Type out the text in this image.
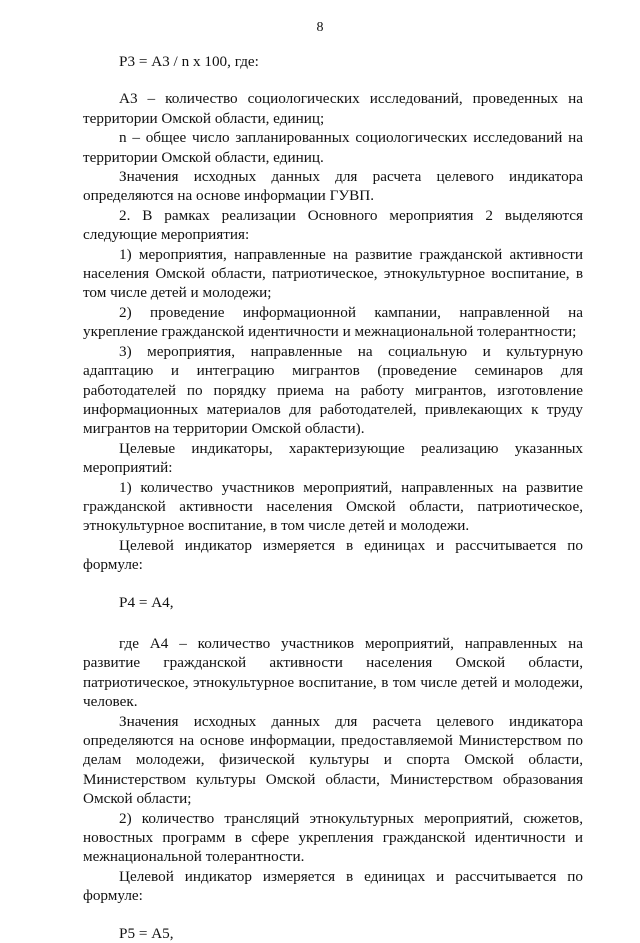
8

Р3 = А3 / n х 100, где:

А3 – количество социологических исследований, проведенных на территории Омской области, единиц;

n – общее число запланированных социологических исследований на территории Омской области, единиц.

Значения исходных данных для расчета целевого индикатора определяются на основе информации ГУВП.

2. В рамках реализации Основного мероприятия 2 выделяются следующие мероприятия:

1) мероприятия, направленные на развитие гражданской активности населения Омской области, патриотическое, этнокультурное воспитание, в том числе детей и молодежи;

2) проведение информационной кампании, направленной на укрепление гражданской идентичности и межнациональной толерантности;

3) мероприятия, направленные на социальную и культурную адаптацию и интеграцию мигрантов (проведение семинаров для работодателей по порядку приема на работу мигрантов, изготовление информационных материалов для работодателей, привлекающих к труду мигрантов на территории Омской области).

Целевые индикаторы, характеризующие реализацию указанных мероприятий:

1) количество участников мероприятий, направленных на развитие гражданской активности населения Омской области, патриотическое, этнокультурное воспитание, в том числе детей и молодежи.

Целевой индикатор измеряется в единицах и рассчитывается по формуле:

Р4 = А4,

где А4 – количество участников мероприятий, направленных на развитие гражданской активности населения Омской области, патриотическое, этнокультурное воспитание, в том числе детей и молодежи, человек.

Значения исходных данных для расчета целевого индикатора определяются на основе информации, предоставляемой Министерством по делам молодежи, физической культуры и спорта Омской области, Министерством культуры Омской области, Министерством образования Омской области;

2) количество трансляций этнокультурных мероприятий, сюжетов, новостных программ в сфере укрепления гражданской идентичности и межнациональной толерантности.

Целевой индикатор измеряется в единицах и рассчитывается по формуле:

Р5 = А5,
